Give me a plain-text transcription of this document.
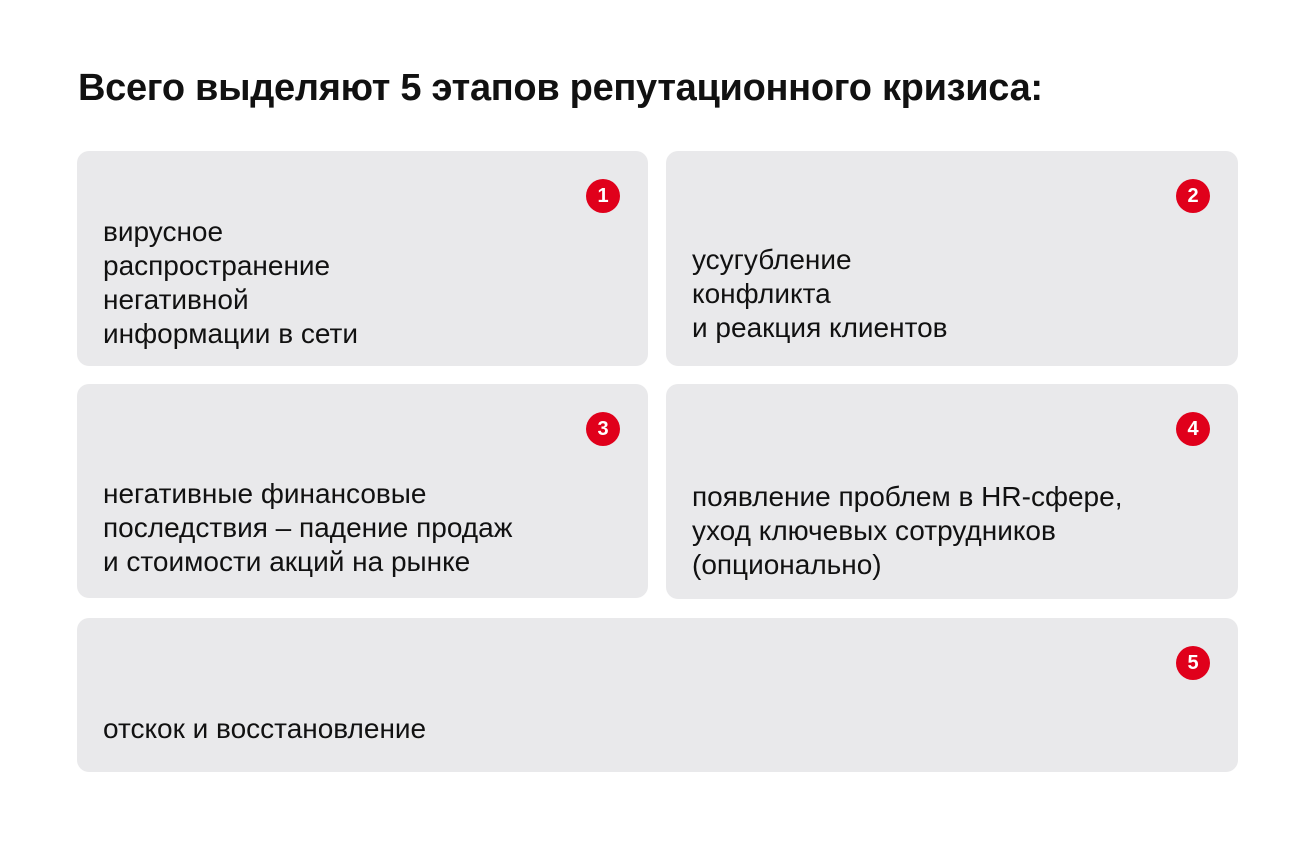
Всего выделяют 5 этапов репутационного кризиса:
1
вирусное
распространение
негативной
информации в сети
2
усугубление
конфликта
и реакция клиентов
3
негативные финансовые
последствия – падение продаж
и стоимости акций на рынке
4
появление проблем в HR-сфере,
уход ключевых сотрудников
(опционально)
5
отскок и восстановление
